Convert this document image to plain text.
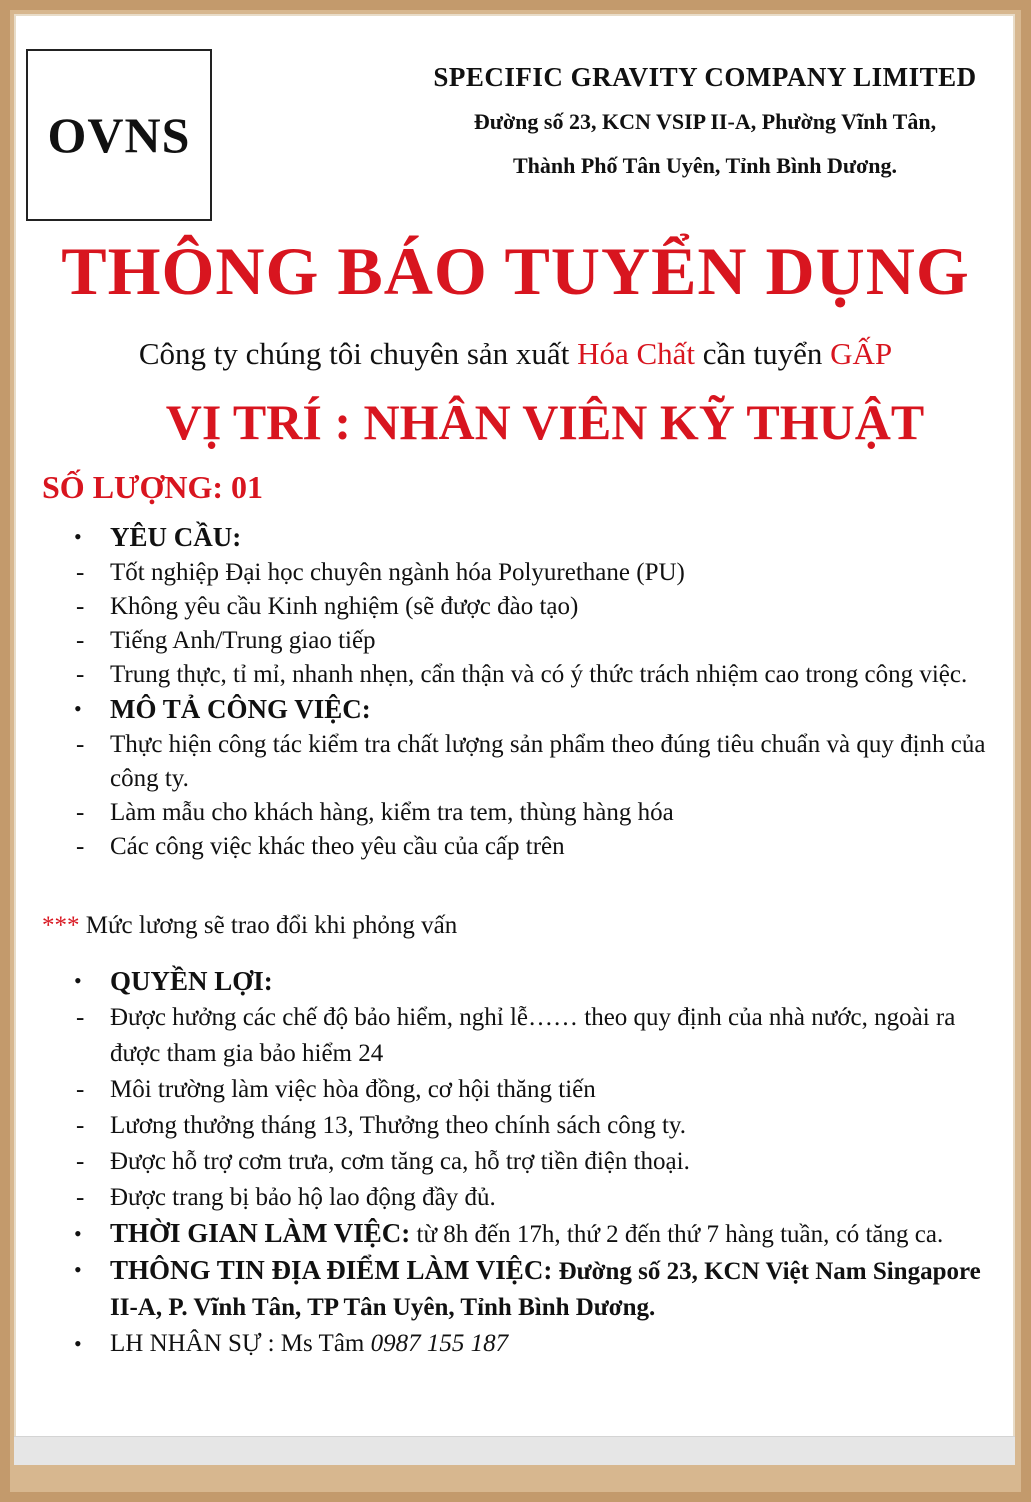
OVNS
SPECIFIC GRAVITY COMPANY LIMITED
Đường số 23, KCN VSIP II-A, Phường Vĩnh Tân,
Thành Phố Tân Uyên, Tỉnh Bình Dương.
THÔNG BÁO TUYỂN DỤNG
Công ty chúng tôi chuyên sản xuất Hóa Chất cần tuyển GẤP
VỊ TRÍ : NHÂN VIÊN KỸ THUẬT
SỐ LƯỢNG: 01
• YÊU CẦU:
- Tốt nghiệp Đại học chuyên ngành hóa Polyurethane (PU)
- Không yêu cầu Kinh nghiệm (sẽ được đào tạo)
- Tiếng Anh/Trung giao tiếp
- Trung thực, tỉ mỉ, nhanh nhẹn, cẩn thận và có ý thức trách nhiệm cao trong công việc.
• MÔ TẢ CÔNG VIỆC:
- Thực hiện công tác kiểm tra chất lượng sản phẩm theo đúng tiêu chuẩn và quy định của công ty.
- Làm mẫu cho khách hàng, kiểm tra tem, thùng hàng hóa
- Các công việc khác theo yêu cầu của cấp trên
*** Mức lương sẽ trao đổi khi phỏng vấn
• QUYỀN LỢI:
- Được hưởng các chế độ bảo hiểm, nghỉ lễ…… theo quy định của nhà nước, ngoài ra được tham gia bảo hiểm 24
- Môi trường làm việc hòa đồng, cơ hội thăng tiến
- Lương thưởng tháng 13, Thưởng theo chính sách công ty.
- Được hỗ trợ cơm trưa, cơm tăng ca, hỗ trợ tiền điện thoại.
- Được trang bị bảo hộ lao động đầy đủ.
• THỜI GIAN LÀM VIỆC: từ 8h đến 17h, thứ 2 đến thứ 7 hàng tuần, có tăng ca.
• THÔNG TIN ĐỊA ĐIỂM LÀM VIỆC: Đường số 23, KCN Việt Nam Singapore II-A, P. Vĩnh Tân, TP Tân Uyên, Tỉnh Bình Dương.
• LH NHÂN SỰ : Ms Tâm 0987 155 187
